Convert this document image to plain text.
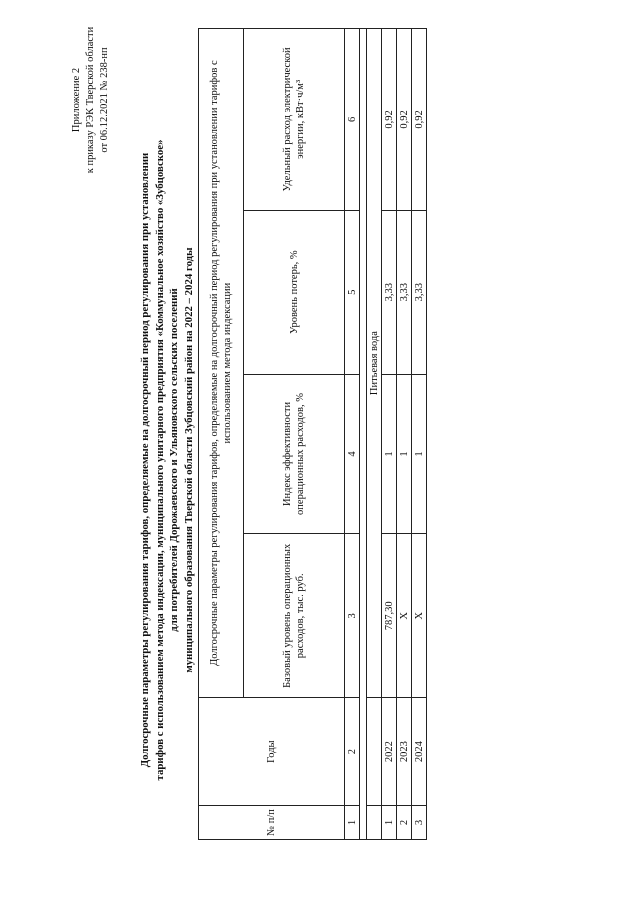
Приложение 2 к приказу РЭК Тверской области от 06.12.2021 № 238-нп
Долгосрочные параметры регулирования тарифов, определяемые на долгосрочный период регулирования при установлении тарифов с использованием метода индексации, муниципального унитарного предприятия «Коммунальное хозяйство «Зубцовское» для потребителей Дорожаевского и Ульяновского сельских поселений муниципального образования Тверской области Зубцовский район на 2022 – 2024 годы
№ п/п	Годы	Долгосрочные параметры регулирования тарифов, определяемые на долгосрочный период регулирования при установлении тарифов с использованием метода индексации			
		Базовый уровень операционных расходов, тыс. руб.	Индекс эффективности операционных расходов, %	Уровень потерь, %	Удельный расход электрической энергии, кВт·ч/м³
1	2	3	4	5	6

		Питьевая вода			
1	2022	787,30	1	3,33	0,92
2	2023	Х	1	3,33	0,92
3	2024	Х	1	3,33	0,92
